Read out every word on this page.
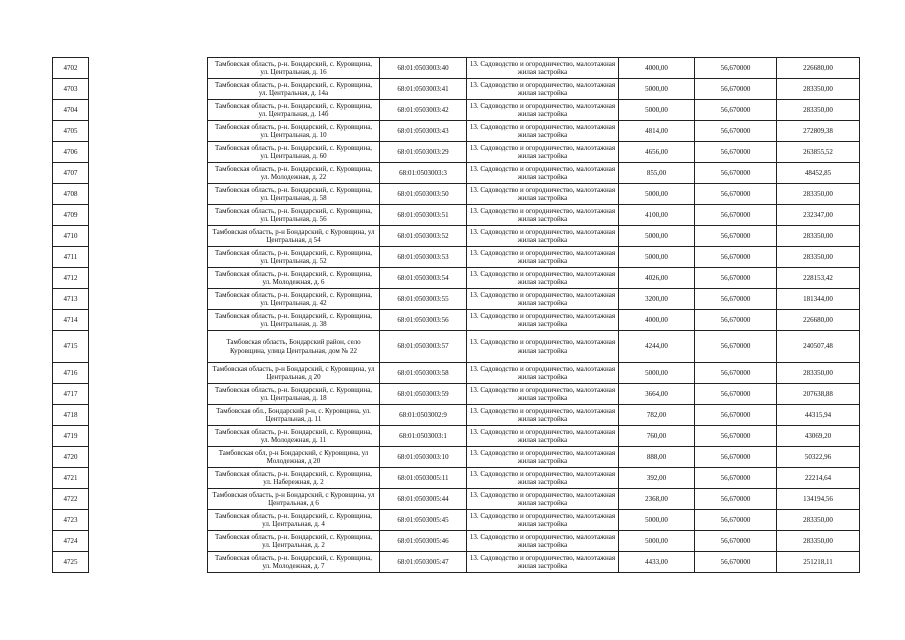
4702		Тамбовская область, р-н. Бондарский, с. Куровщина, ул. Центральная, д. 16	68:01:0503003:40	13. Садоводство и огородничество, малоэтажная жилая застройка	4000,00	56,670000	226680,00
4703		Тамбовская область, р-н. Бондарский, с. Куровщина, ул. Центральная, д. 14а	68:01:0503003:41	13. Садоводство и огородничество, малоэтажная жилая застройка	5000,00	56,670000	283350,00
4704		Тамбовская область, р-н. Бондарский, с. Куровщина, ул. Центральная, д. 14б	68:01:0503003:42	13. Садоводство и огородничество, малоэтажная жилая застройка	5000,00	56,670000	283350,00
4705		Тамбовская область, р-н. Бондарский, с. Куровщина, ул. Центральная, д. 10	68:01:0503003:43	13. Садоводство и огородничество, малоэтажная жилая застройка	4814,00	56,670000	272809,38
4706		Тамбовская область, р-н. Бондарский, с. Куровщина, ул. Центральная, д. 60	68:01:0503003:29	13. Садоводство и огородничество, малоэтажная жилая застройка	4656,00	56,670000	263855,52
4707		Тамбовская область, р-н. Бондарский, с. Куровщина, ул. Молодежная, д. 22	68:01:0503003:3	13. Садоводство и огородничество, малоэтажная жилая застройка	855,00	56,670000	48452,85
4708		Тамбовская область, р-н. Бондарский, с. Куровщина, ул. Центральная, д. 58	68:01:0503003:50	13. Садоводство и огородничество, малоэтажная жилая застройка	5000,00	56,670000	283350,00
4709		Тамбовская область, р-н. Бондарский, с. Куровщина, ул. Центральная, д. 56	68:01:0503003:51	13. Садоводство и огородничество, малоэтажная жилая застройка	4100,00	56,670000	232347,00
4710		Тамбовская область, р-н Бондарский, с Куровщина, ул Центральная, д 54	68:01:0503003:52	13. Садоводство и огородничество, малоэтажная жилая застройка	5000,00	56,670000	283350,00
4711		Тамбовская область, р-н. Бондарский, с. Куровщина, ул. Центральная, д. 52	68:01:0503003:53	13. Садоводство и огородничество, малоэтажная жилая застройка	5000,00	56,670000	283350,00
4712		Тамбовская область, р-н. Бондарский, с. Куровщина, ул. Молодежная, д. 6	68:01:0503003:54	13. Садоводство и огородничество, малоэтажная жилая застройка	4026,00	56,670000	228153,42
4713		Тамбовская область, р-н. Бондарский, с. Куровщина, ул. Центральная, д. 42	68:01:0503003:55	13. Садоводство и огородничество, малоэтажная жилая застройка	3200,00	56,670000	181344,00
4714		Тамбовская область, р-н. Бондарский, с. Куровщина, ул. Центральная, д. 38	68:01:0503003:56	13. Садоводство и огородничество, малоэтажная жилая застройка	4000,00	56,670000	226680,00
4715		Тамбовская область, Бондарский район, село Куровщина, улица Центральная, дом № 22	68:01:0503003:57	13. Садоводство и огородничество, малоэтажная жилая застройка	4244,00	56,670000	240507,48
4716		Тамбовская область, р-н Бондарский, с Куровщина, ул Центральная, д 20	68:01:0503003:58	13. Садоводство и огородничество, малоэтажная жилая застройка	5000,00	56,670000	283350,00
4717		Тамбовская область, р-н. Бондарский, с. Куровщина, ул. Центральная, д. 18	68:01:0503003:59	13. Садоводство и огородничество, малоэтажная жилая застройка	3664,00	56,670000	207638,88
4718		Тамбовская обл., Бондарский р-н, с. Куровщина, ул. Центральная, д. 11	68:01:0503002:9	13. Садоводство и огородничество, малоэтажная жилая застройка	782,00	56,670000	44315,94
4719		Тамбовская область, р-н. Бондарский, с. Куровщина, ул. Молодежная, д. 11	68:01:0503003:1	13. Садоводство и огородничество, малоэтажная жилая застройка	760,00	56,670000	43069,20
4720		Тамбовская обл, р-н Бондарский, с Куровщина, ул Молодежная, д 20	68:01:0503003:10	13. Садоводство и огородничество, малоэтажная жилая застройка	888,00	56,670000	50322,96
4721		Тамбовская область, р-н. Бондарский, с. Куровщина, ул. Набережная, д. 2	68:01:0503005:11	13. Садоводство и огородничество, малоэтажная жилая застройка	392,00	56,670000	22214,64
4722		Тамбовская область, р-н Бондарский, с Куровщина, ул Центральная, д 6	68:01:0503005:44	13. Садоводство и огородничество, малоэтажная жилая застройка	2368,00	56,670000	134194,56
4723		Тамбовская область, р-н. Бондарский, с. Куровщина, ул. Центральная, д. 4	68:01:0503005:45	13. Садоводство и огородничество, малоэтажная жилая застройка	5000,00	56,670000	283350,00
4724		Тамбовская область, р-н. Бондарский, с. Куровщина, ул. Центральная, д. 2	68:01:0503005:46	13. Садоводство и огородничество, малоэтажная жилая застройка	5000,00	56,670000	283350,00
4725		Тамбовская область, р-н. Бондарский, с. Куровщина, ул. Молодежная, д. 7	68:01:0503005:47	13. Садоводство и огородничество, малоэтажная жилая застройка	4433,00	56,670000	251218,11
